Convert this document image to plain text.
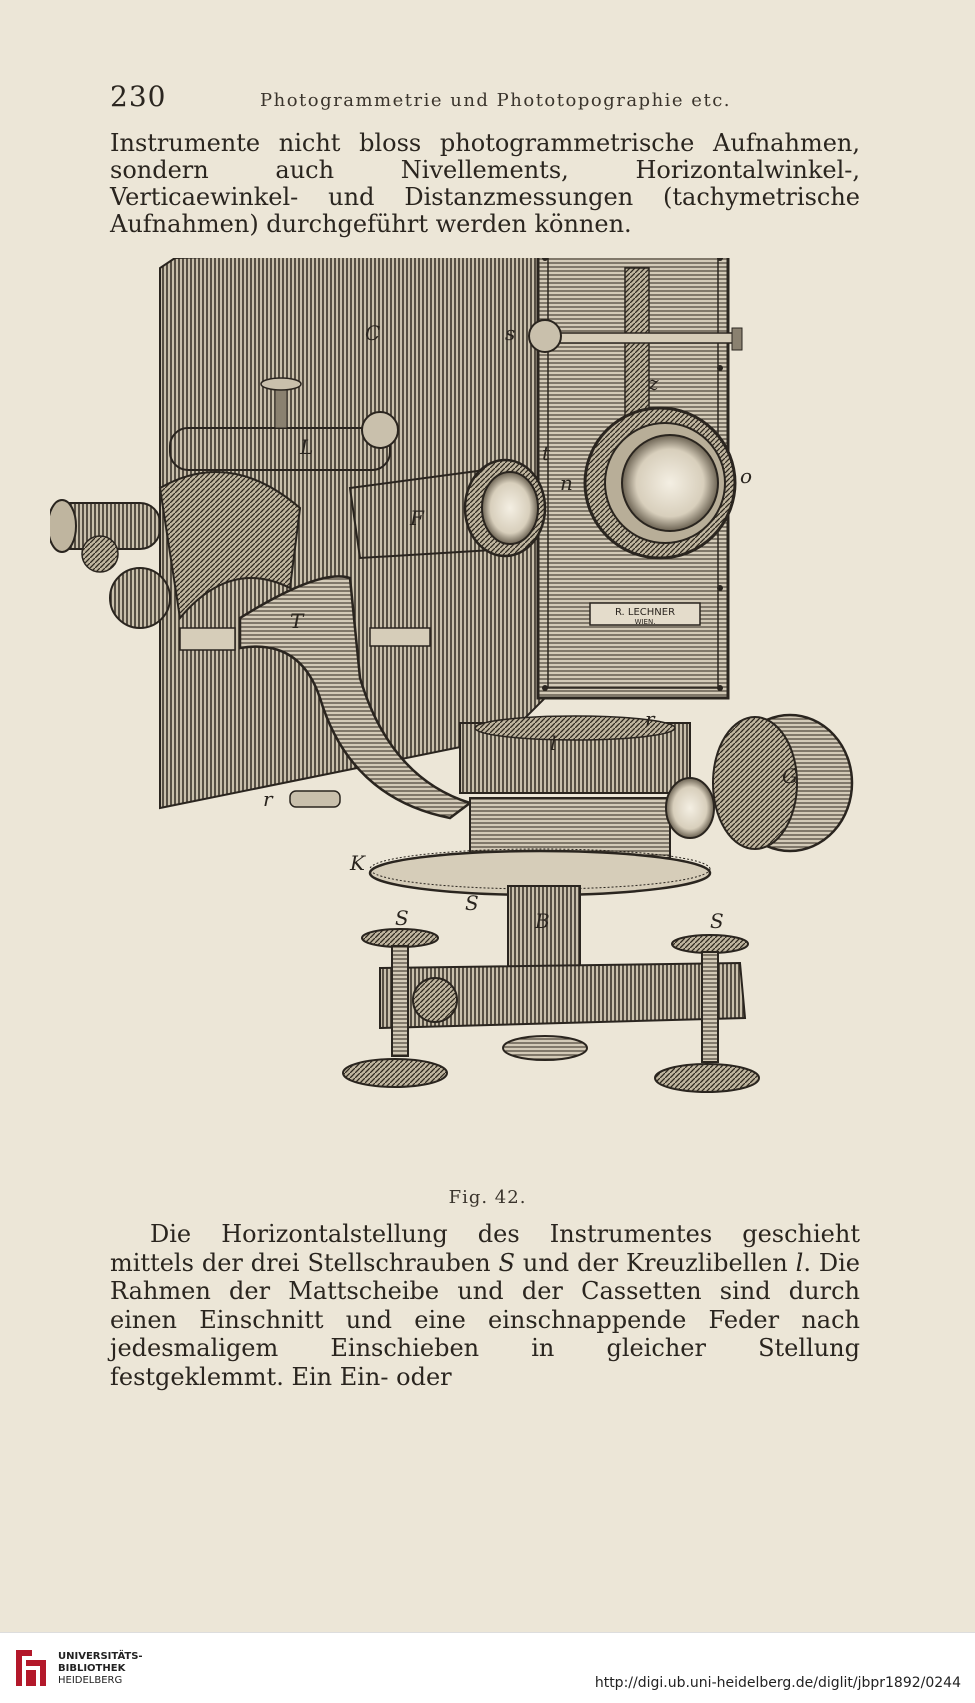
230	Photogrammetrie und Phototopographie etc.
Instrumente nicht bloss photogrammetrische Aufnahmen, sondern auch Nivellements, Horizontalwinkel-, Verticaewinkel- und Distanzmessungen (tachymetrische Aufnahmen) durchgeführt werden können.
R. LECHNER
WIEN.
C	s
z
L	t
n	o
F
T
r
l
G
r
K
S
S
B	S
Fig. 42.
Die Horizontalstellung des Instrumentes geschieht mittels der drei Stellschrauben S und der Kreuzlibellen l. Die Rahmen der Mattscheibe und der Cassetten sind durch einen Einschnitt und eine einschnappende Feder nach jedesmaligem Einschieben in gleicher Stellung festgeklemmt. Ein Ein- oder
UNIVERSITÄTS-
BIBLIOTHEK
HEIDELBERG	http://digi.ub.uni-heidelberg.de/diglit/jbpr1892/0244
